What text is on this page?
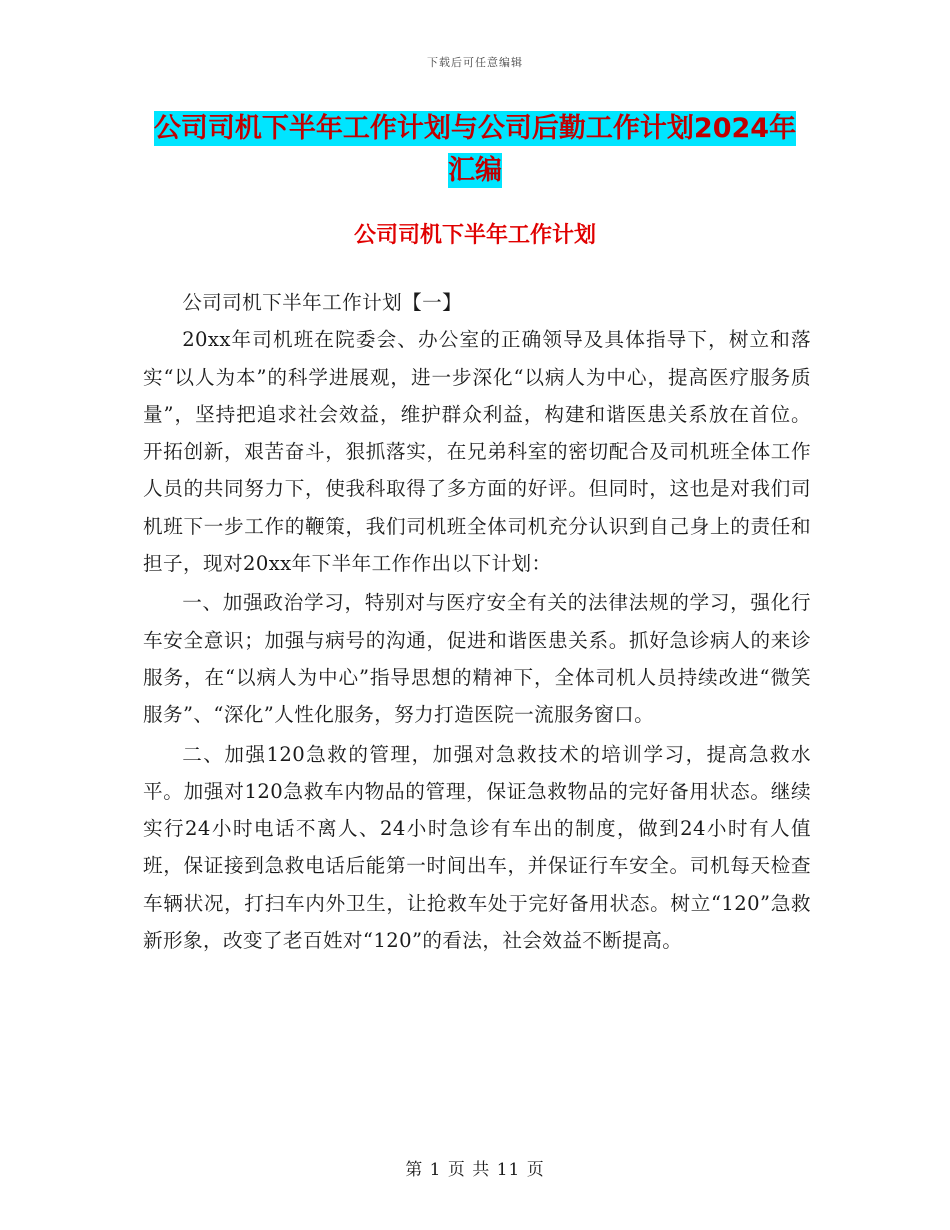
下载后可任意编辑
公司司机下半年工作计划与公司后勤工作计划2024年
汇编
公司司机下半年工作计划

公司司机下半年工作计划【一】

20xx年司机班在院委会、办公室的正确领导及具体指导下，树立和落实“以人为本”的科学进展观，进一步深化“以病人为中心，提高医疗服务质量”，坚持把追求社会效益，维护群众利益，构建和谐医患关系放在首位。开拓创新，艰苦奋斗，狠抓落实，在兄弟科室的密切配合及司机班全体工作人员的共同努力下，使我科取得了多方面的好评。但同时，这也是对我们司机班下一步工作的鞭策，我们司机班全体司机充分认识到自己身上的责任和担子，现对20xx年下半年工作作出以下计划：

一、加强政治学习，特别对与医疗安全有关的法律法规的学习，强化行车安全意识；加强与病号的沟通，促进和谐医患关系。抓好急诊病人的来诊服务，在“以病人为中心”指导思想的精神下，全体司机人员持续改进“微笑服务”、“深化”人性化服务，努力打造医院一流服务窗口。

二、加强120急救的管理，加强对急救技术的培训学习，提高急救水平。加强对120急救车内物品的管理，保证急救物品的完好备用状态。继续实行24小时电话不离人、24小时急诊有车出的制度，做到24小时有人值班，保证接到急救电话后能第一时间出车，并保证行车安全。司机每天检查车辆状况，打扫车内外卫生，让抢救车处于完好备用状态。树立“120”急救新形象，改变了老百姓对“120”的看法，社会效益不断提高。

第 1 页 共 11 页
